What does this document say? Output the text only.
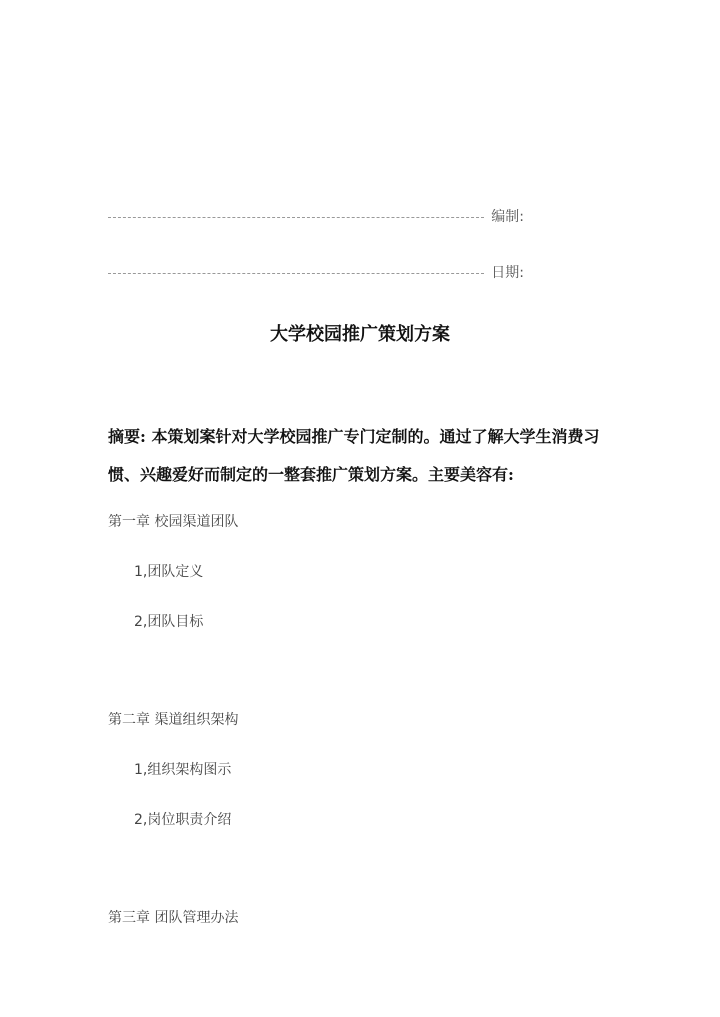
编制:
日期:
大学校园推广策划方案
摘要: 本策划案针对大学校园推广专门定制的。通过了解大学生消费习惯、兴趣爱好而制定的一整套推广策划方案。主要美容有:
第一章 校园渠道团队
1,团队定义
2,团队目标
第二章 渠道组织架构
1,组织架构图示
2,岗位职责介绍
第三章 团队管理办法
